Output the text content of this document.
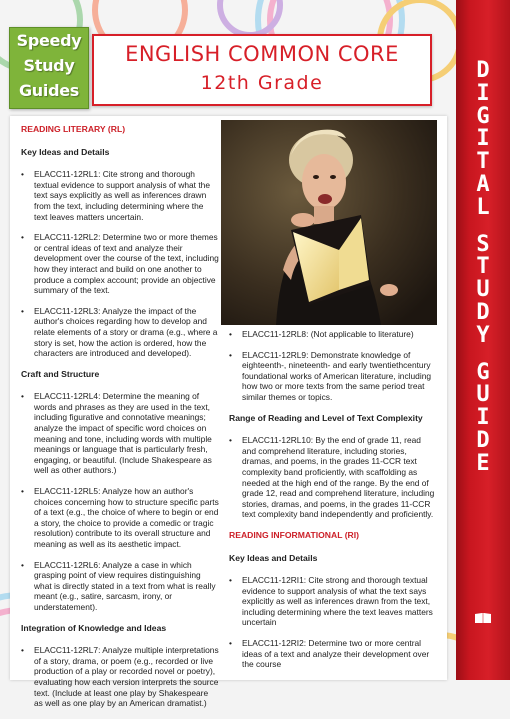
Speedy
Study
Guides
ENGLISH COMMON CORE
12th Grade	D
I
G
I
T
A
L
S
T
U
D
Y
G
U
I
D
E
READING LITERARY (RL)
Key Ideas and Details
• ELACC11-12RL1: Cite strong and thorough textual evidence to support analysis of what the text says explicitly as well as inferences drawn from the text, including determining where the text leaves matters uncertain.
• ELACC11-12RL2: Determine two or more themes or central ideas of text and analyze their development over the course of the text, including how they interact and build on one another to produce a complex account; provide an objective summary of the text.
• ELACC11-12RL3: Analyze the impact of the author's choices regarding how to develop and relate elements of a story or drama (e.g., where a story is set, how the action is ordered, how the characters are introduced and developed).
Craft and Structure
• ELACC11-12RL4: Determine the meaning of words and phrases as they are used in the text, including figurative and connotative meanings; analyze the impact of specific word choices on meaning and tone, including words with multiple meanings or language that is particularly fresh, engaging, or beautiful. (Include Shakespeare as well as other authors.)
• ELACC11-12RL5: Analyze how an author's choices concerning how to structure specific parts of a text (e.g., the choice of where to begin or end a story, the choice to provide a comedic or tragic resolution) contribute to its overall structure and meaning as well as its aesthetic impact.
• ELACC11-12RL6: Analyze a case in which grasping point of view requires distinguishing what is directly stated in a text from what is really meant (e.g., satire, sarcasm, irony, or understatement).
Integration of Knowledge and Ideas
• ELACC11-12RL7: Analyze multiple interpretations of a story, drama, or poem (e.g., recorded or live production of a play or recorded novel or poetry), evaluating how each version interprets the source text. (Include at least one play by Shakespeare as well as one play by an American dramatist.)
• ELACC11-12RL8: (Not applicable to literature)
• ELACC11-12RL9: Demonstrate knowledge of eighteenth-, nineteenth- and early twentiethcentury foundational works of American literature, including how two or more texts from the same period treat similar themes or topics.
Range of Reading and Level of Text Complexity
• ELACC11-12RL10: By the end of grade 11, read and comprehend literature, including stories, dramas, and poems, in the grades 11-CCR text complexity band proficiently, with scaffolding as needed at the high end of the range. By the end of grade 12, read and comprehend literature, including stories, dramas, and poems, in the grades 11-CCR text complexity band independently and proficiently.
READING INFORMATIONAL (RI)
Key Ideas and Details
• ELACC11-12RI1: Cite strong and thorough textual evidence to support analysis of what the text says explicitly as well as inferences drawn from the text, including determining where the text leaves matters uncertain
• ELACC11-12RI2: Determine two or more central ideas of a text and analyze their development over the course
